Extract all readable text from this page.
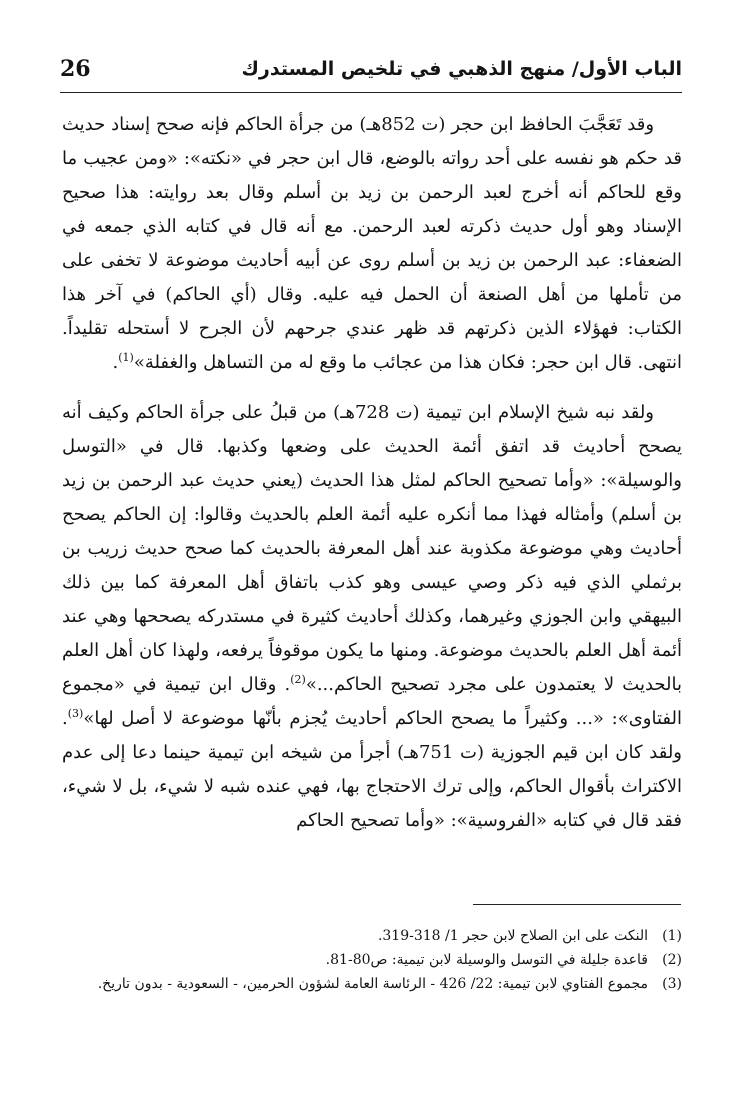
الباب الأول/ منهج الذهبي في تلخيص المستدرك
26

وقد تَعَجَّبَ الحافظ ابن حجر (ت 852هـ) من جرأة الحاكم فإنه صحح إسناد حديث قد حكم هو نفسه على أحد رواته بالوضع، قال ابن حجر في «نكته»: «ومن عجيب ما وقع للحاكم أنه أخرج لعبد الرحمن بن زيد بن أسلم وقال بعد روايته: هذا صحيح الإسناد وهو أول حديث ذكرته لعبد الرحمن. مع أنه قال في كتابه الذي جمعه في الضعفاء: عبد الرحمن بن زيد بن أسلم روى عن أبيه أحاديث موضوعة لا تخفى على من تأملها من أهل الصنعة أن الحمل فيه عليه. وقال (أي الحاكم) في آخر هذا الكتاب: فهؤلاء الذين ذكرتهم قد ظهر عندي جرحهم لأن الجرح لا أستحله تقليداً. انتهى. قال ابن حجر: فكان هذا من عجائب ما وقع له من التساهل والغفلة»$^{(1)}$.

ولقد نبه شيخ الإسلام ابن تيمية (ت 728هـ) من قبلُ على جرأة الحاكم وكيف أنه يصحح أحاديث قد اتفق أئمة الحديث على وضعها وكذبها. قال في «التوسل والوسيلة»: «وأما تصحيح الحاكم لمثل هذا الحديث (يعني حديث عبد الرحمن بن زيد بن أسلم) وأمثاله فهذا مما أنكره عليه أئمة العلم بالحديث وقالوا: إن الحاكم يصحح أحاديث وهي موضوعة مكذوبة عند أهل المعرفة بالحديث كما صحح حديث زريب بن برثملي الذي فيه ذكر وصي عيسى وهو كذب باتفاق أهل المعرفة كما بين ذلك البيهقي وابن الجوزي وغيرهما، وكذلك أحاديث كثيرة في مستدركه يصححها وهي عند أئمة أهل العلم بالحديث موضوعة. ومنها ما يكون موقوفاً يرفعه، ولهذا كان أهل العلم بالحديث لا يعتمدون على مجرد تصحيح الحاكم...»$^{(2)}$. وقال ابن تيمية في «مجموع الفتاوى»: «... وكثيراً ما يصحح الحاكم أحاديث يُجزم بأنّها موضوعة لا أصل لها»$^{(3)}$. ولقد كان ابن قيم الجوزية (ت 751هـ) أجرأ من شيخه ابن تيمية حينما دعا إلى عدم الاكتراث بأقوال الحاكم، وإلى ترك الاحتجاج بها، فهي عنده شبه لا شيء، بل لا شيء، فقد قال في كتابه «الفروسية»: «وأما تصحيح الحاكم

(1)
النكت على ابن الصلاح لابن حجر 1/ 318-319.

(2)
قاعدة جليلة في التوسل والوسيلة لابن تيمية: ص80-81.

(3)
مجموع الفتاوي لابن تيمية: 22/ 426 - الرئاسة العامة لشؤون الحرمين، - السعودية - بدون تاريخ.
